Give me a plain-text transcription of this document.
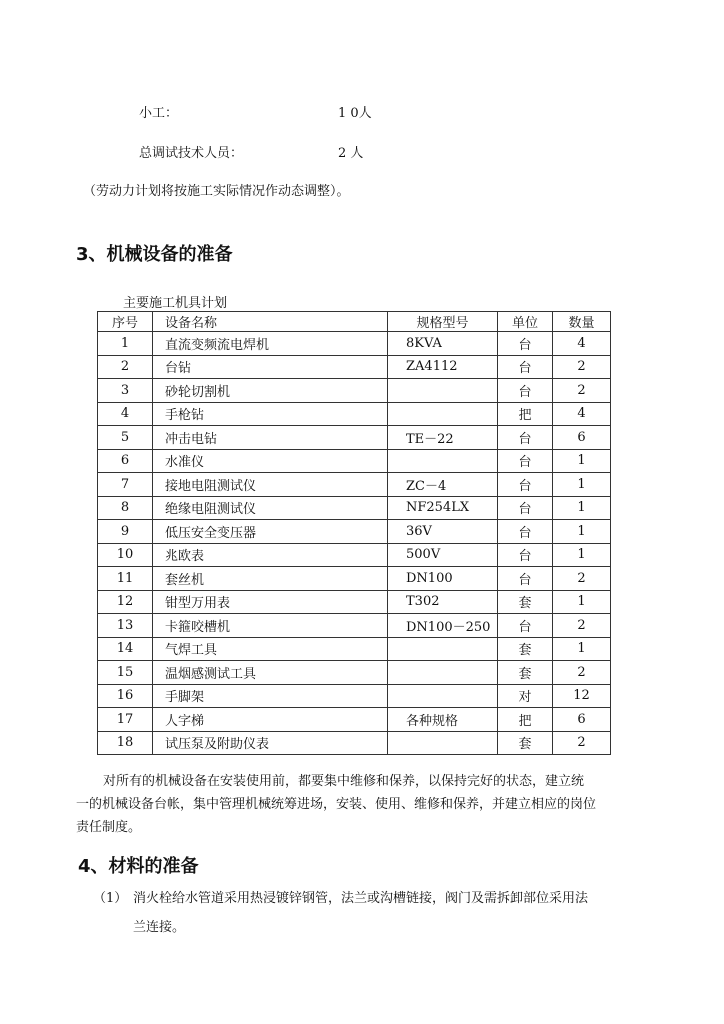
小工：	1 0人
总调试技术人员：	2 人
（劳动力计划将按施工实际情况作动态调整）。
3、机械设备的准备
主要施工机具计划
序号	设备名称	规格型号	单位	数量
1	直流变频流电焊机	8KVA	台	4
2	台钻	ZA4112	台	2
3	砂轮切割机		台	2
4	手枪钻		把	4
5	冲击电钻	TE－22	台	6
6	水准仪		台	1
7	接地电阻测试仪	ZC－4	台	1
8	绝缘电阻测试仪	NF254LX	台	1
9	低压安全变压器	36V	台	1
10	兆欧表	500V	台	1
11	套丝机	DN100	台	2
12	钳型万用表	T302	套	1
13	卡箍咬槽机	DN100－250	台	2
14	气焊工具		套	1
15	温烟感测试工具		套	2
16	手脚架		对	12
17	人字梯	各种规格	把	6
18	试压泵及附助仪表		套	2
对所有的机械设备在安装使用前，都要集中维修和保养，以保持完好的状态，建立统
一的机械设备台帐，集中管理机械统筹进场，安装、使用、维修和保养，并建立相应的岗位
责任制度。
4、材料的准备
（1） 消火栓给水管道采用热浸镀锌钢管，法兰或沟槽链接，阀门及需拆卸部位采用法
兰连接。
